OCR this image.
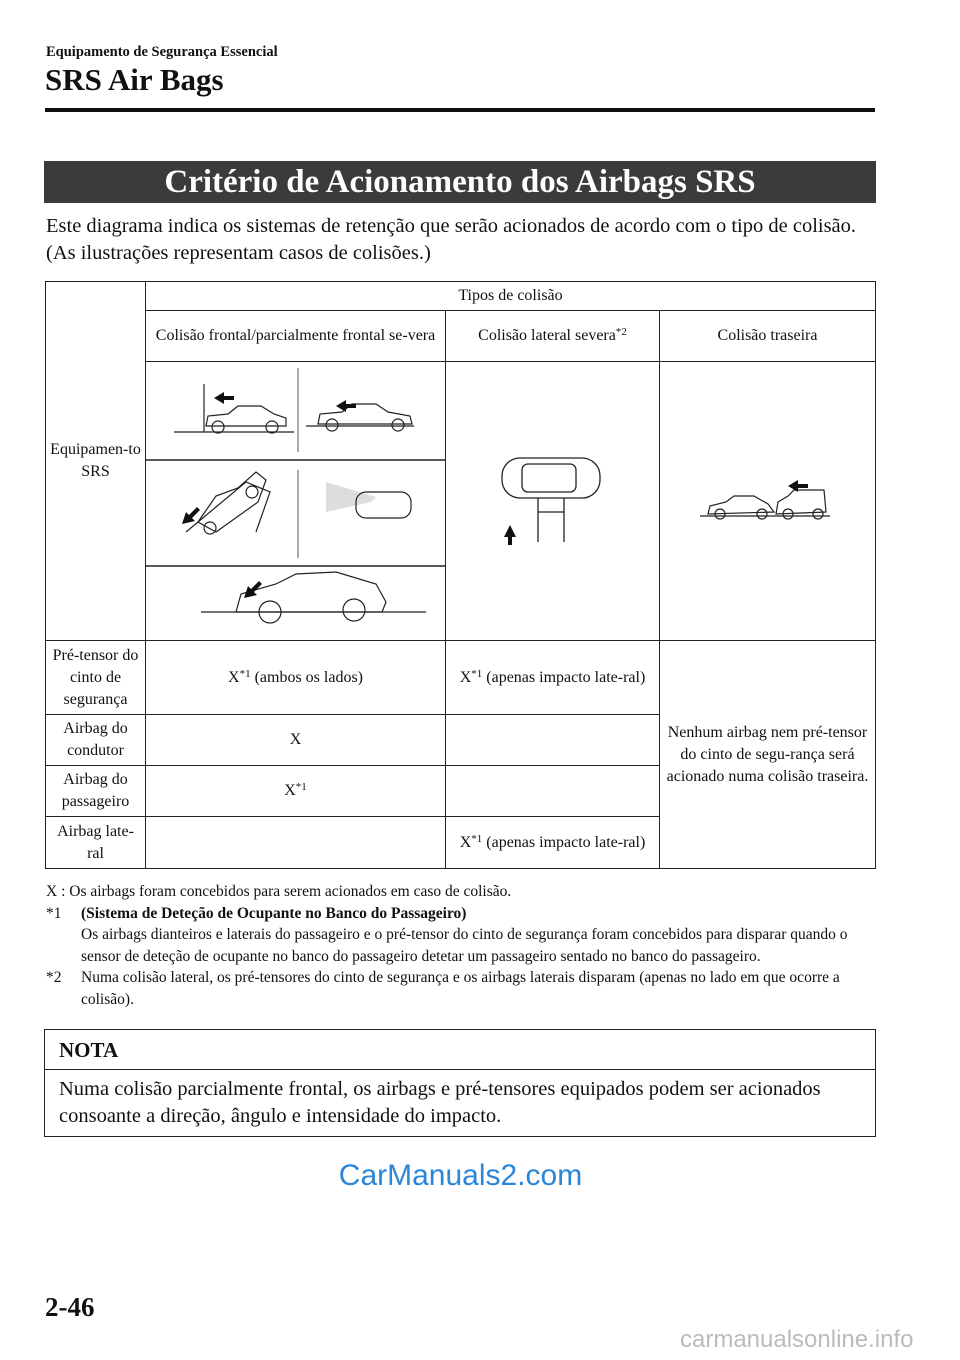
Equipamento de Segurança Essencial
SRS Air Bags
Critério de Acionamento dos Airbags SRS
Este diagrama indica os sistemas de retenção que serão acionados de acordo com o tipo de colisão.
(As ilustrações representam casos de colisões.)
Equipamen-to SRS	Tipos de colisão		
	Colisão frontal/parcialmente frontal se-vera	Colisão lateral severa$^{*2}$	Colisão traseira

Pré-tensor do cinto de segurança	$X^{*1}$ (ambos os lados)	$X^{*1}$ (apenas impacto late-ral)	Nenhum airbag nem pré-tensor do cinto de segu-rança será acionado numa colisão traseira.
Airbag do condutor	X		
Airbag do passageiro	$X^{*1}$	
Airbag late-ral		$X^{*1}$ (apenas impacto late-ral)	
X : Os airbags foram concebidos para serem acionados em caso de colisão.
*1	(Sistema de Deteção de Ocupante no Banco do Passageiro)
Os airbags dianteiros e laterais do passageiro e o pré-tensor do cinto de segurança foram concebidos para disparar quando o sensor de deteção de ocupante no banco do passageiro detetar um passageiro sentado no banco do passageiro.
*2	Numa colisão lateral, os pré-tensores do cinto de segurança e os airbags laterais disparam (apenas no lado em que ocorre a colisão).
NOTA
Numa colisão parcialmente frontal, os airbags e pré-tensores equipados podem ser acionados consoante a direção, ângulo e intensidade do impacto.
CarManuals2.com
2-46
carmanualsonline.info
